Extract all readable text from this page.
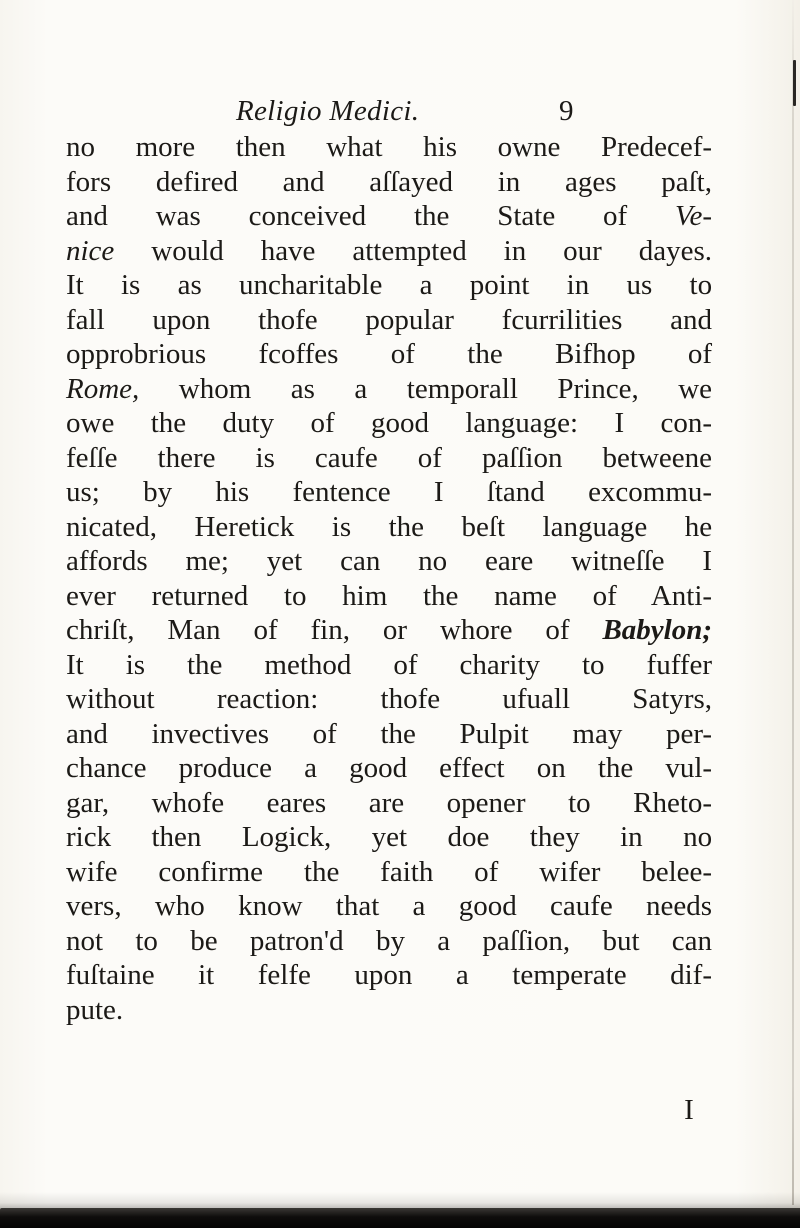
Religio Medici.	9
no more then what his owne Predecef-
fors defired and aſſayed in ages paſt,
and was conceived the State of Ve-
nice would have attempted in our dayes.
It is as uncharitable a point in us to
fall upon thofe popular fcurrilities and
opprobrious fcoffes of the Bifhop of
Rome, whom as a temporall Prince, we
owe the duty of good language: I con-
feſſe there is caufe of paſſion betweene
us; by his fentence I ſtand excommu-
nicated, Heretick is the beſt language he
affords me; yet can no eare witneſſe I
ever returned to him the name of Anti-
chriſt, Man of fin, or whore of Babylon;
It is the method of charity to fuffer
without reaction: thofe ufuall Satyrs,
and invectives of the Pulpit may per-
chance produce a good effect on the vul-
gar, whofe eares are opener to Rheto-
rick then Logick, yet doe they in no
wife confirme the faith of wifer belee-
vers, who know that a good caufe needs
not to be patron'd by a paſſion, but can
fuſtaine it felfe upon a temperate dif-
pute.
I
